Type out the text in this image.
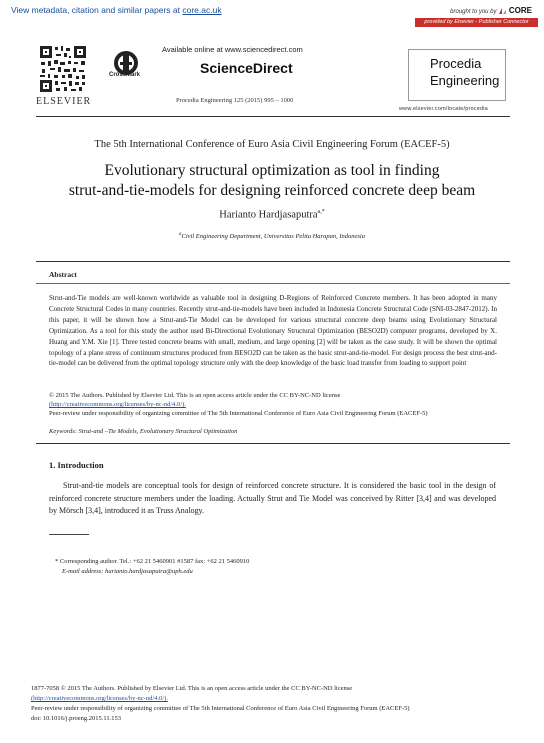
View metadata, citation and similar papers at core.ac.uk	brought to you by  CORE
provided by Elsevier - Publisher Connector
ELSEVIER
CrossMark
Available online at www.sciencedirect.com
ScienceDirect
Procedia Engineering 125 (2015) 995 – 1000
Procedia
Engineering
www.elsevier.com/locate/procedia
The 5th International Conference of Euro Asia Civil Engineering Forum (EACEF-5)
Evolutionary structural optimization as tool in finding
strut-and-tie-models for designing reinforced concrete deep beam
Harianto Hardjasaputra$^{a,*}$
$^a$Civil Engineering Department, Universitas Pelita Harapan, Indonesia
Abstract
Strut-and-Tie models are well-known worldwide as valuable tool in designing D-Regions of Reinforced Concrete members. It has been adopted in many Concrete Structural Codes in many countries. Recently strut-and-tie-models have been included in Indonesia Concrete Structural Code (SNI-03-2847-2012). In this paper, it will be shown how a Strut-and-Tie Model can be developed for various structural concrete deep beams using Evolutionary Structural Optimization. As a tool for this study the author used Bi-Directional Evolutionary Structural Optimization (BESO2D) computer programs, developed by X. Huang and Y.M. Xie [1]. Three tested concrete beams with small, medium, and large opening [2] will be taken as the case study. It will be shown the optimal topology of a plane stress of continuum structures produced from BESO2D can be taken as the basic strut-and-tie-model. For design process the best strut-and-tie-model can be delivered from the optimal topology structure only with the deep knowledge of the basic load transfer from loading to support point
© 2015 The Authors. Published by Elsevier Ltd. This is an open access article under the CC BY-NC-ND license
(http://creativecommons.org/licenses/by-nc-nd/4.0/).
Peer-review under responsibility of organizing committee of The 5th International Conference of Euro Asia Civil Engineering Forum (EACEF-5)
Keywords: Strut-and –Tie Models, Evolutionary Structural Optimization
1. Introduction
Strut-and-tie models are conceptual tools for design of reinforced concrete structure. It is considered the basic tool in the design of reinforced concrete structure members under the loading. Actually Strut and Tie Model was conceived by Ritter [3,4] and was developed by Mörsch [3,4], introduced it as Truss Analogy.
* Corresponding author. Tel.: +62 21 5460901 #1587 fax: +62 21 5460910
E-mail address: harianto.hardjasaputra@uph.edu
1877-7058 © 2015 The Authors. Published by Elsevier Ltd. This is an open access article under the CC BY-NC-ND license
(http://creativecommons.org/licenses/by-nc-nd/4.0/).
Peer-review under responsibility of organizing committee of The 5th International Conference of Euro Asia Civil Engineering Forum (EACEF-5)
doi: 10.1016/j.proeng.2015.11.153
